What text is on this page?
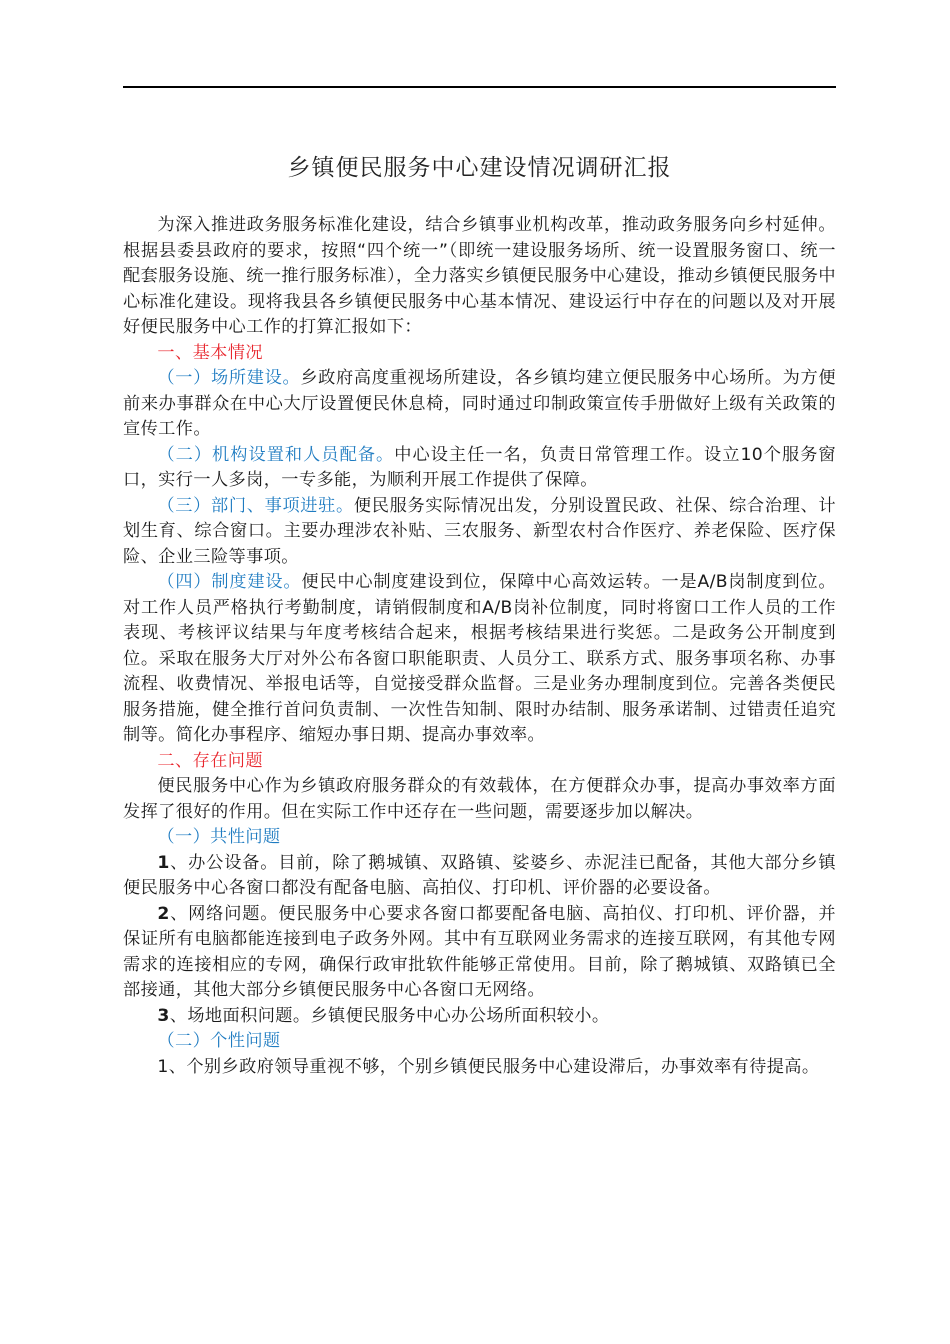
乡镇便民服务中心建设情况调研汇报

为深入推进政务服务标准化建设，结合乡镇事业机构改革，推动政务服务向乡村延伸。根据县委县政府的要求，按照“四个统一”（即统一建设服务场所、统一设置服务窗口、统一配套服务设施、统一推行服务标准），全力落实乡镇便民服务中心建设，推动乡镇便民服务中心标准化建设。现将我县各乡镇便民服务中心基本情况、建设运行中存在的问题以及对开展好便民服务中心工作的打算汇报如下：

一、基本情况

（一）场所建设。乡政府高度重视场所建设，各乡镇均建立便民服务中心场所。为方便前来办事群众在中心大厅设置便民休息椅，同时通过印制政策宣传手册做好上级有关政策的宣传工作。

（二）机构设置和人员配备。中心设主任一名，负责日常管理工作。设立10个服务窗口，实行一人多岗，一专多能，为顺利开展工作提供了保障。

（三）部门、事项进驻。便民服务实际情况出发，分别设置民政、社保、综合治理、计划生育、综合窗口。主要办理涉农补贴、三农服务、新型农村合作医疗、养老保险、医疗保险、企业三险等事项。

（四）制度建设。便民中心制度建设到位，保障中心高效运转。一是A/B岗制度到位。对工作人员严格执行考勤制度，请销假制度和A/B岗补位制度，同时将窗口工作人员的工作表现、考核评议结果与年度考核结合起来，根据考核结果进行奖惩。二是政务公开制度到位。采取在服务大厅对外公布各窗口职能职责、人员分工、联系方式、服务事项名称、办事流程、收费情况、举报电话等，自觉接受群众监督。三是业务办理制度到位。完善各类便民服务措施，健全推行首问负责制、一次性告知制、限时办结制、服务承诺制、过错责任追究制等。简化办事程序、缩短办事日期、提高办事效率。

二、存在问题

便民服务中心作为乡镇政府服务群众的有效载体，在方便群众办事，提高办事效率方面发挥了很好的作用。但在实际工作中还存在一些问题，需要逐步加以解决。

（一）共性问题

1、办公设备。目前，除了鹅城镇、双路镇、娑婆乡、赤泥洼已配备，其他大部分乡镇便民服务中心各窗口都没有配备电脑、高拍仪、打印机、评价器的必要设备。

2、网络问题。便民服务中心要求各窗口都要配备电脑、高拍仪、打印机、评价器，并保证所有电脑都能连接到电子政务外网。其中有互联网业务需求的连接互联网，有其他专网需求的连接相应的专网，确保行政审批软件能够正常使用。目前，除了鹅城镇、双路镇已全部接通，其他大部分乡镇便民服务中心各窗口无网络。

3、场地面积问题。乡镇便民服务中心办公场所面积较小。

（二）个性问题

1、个别乡政府领导重视不够，个别乡镇便民服务中心建设滞后，办事效率有待提高。
